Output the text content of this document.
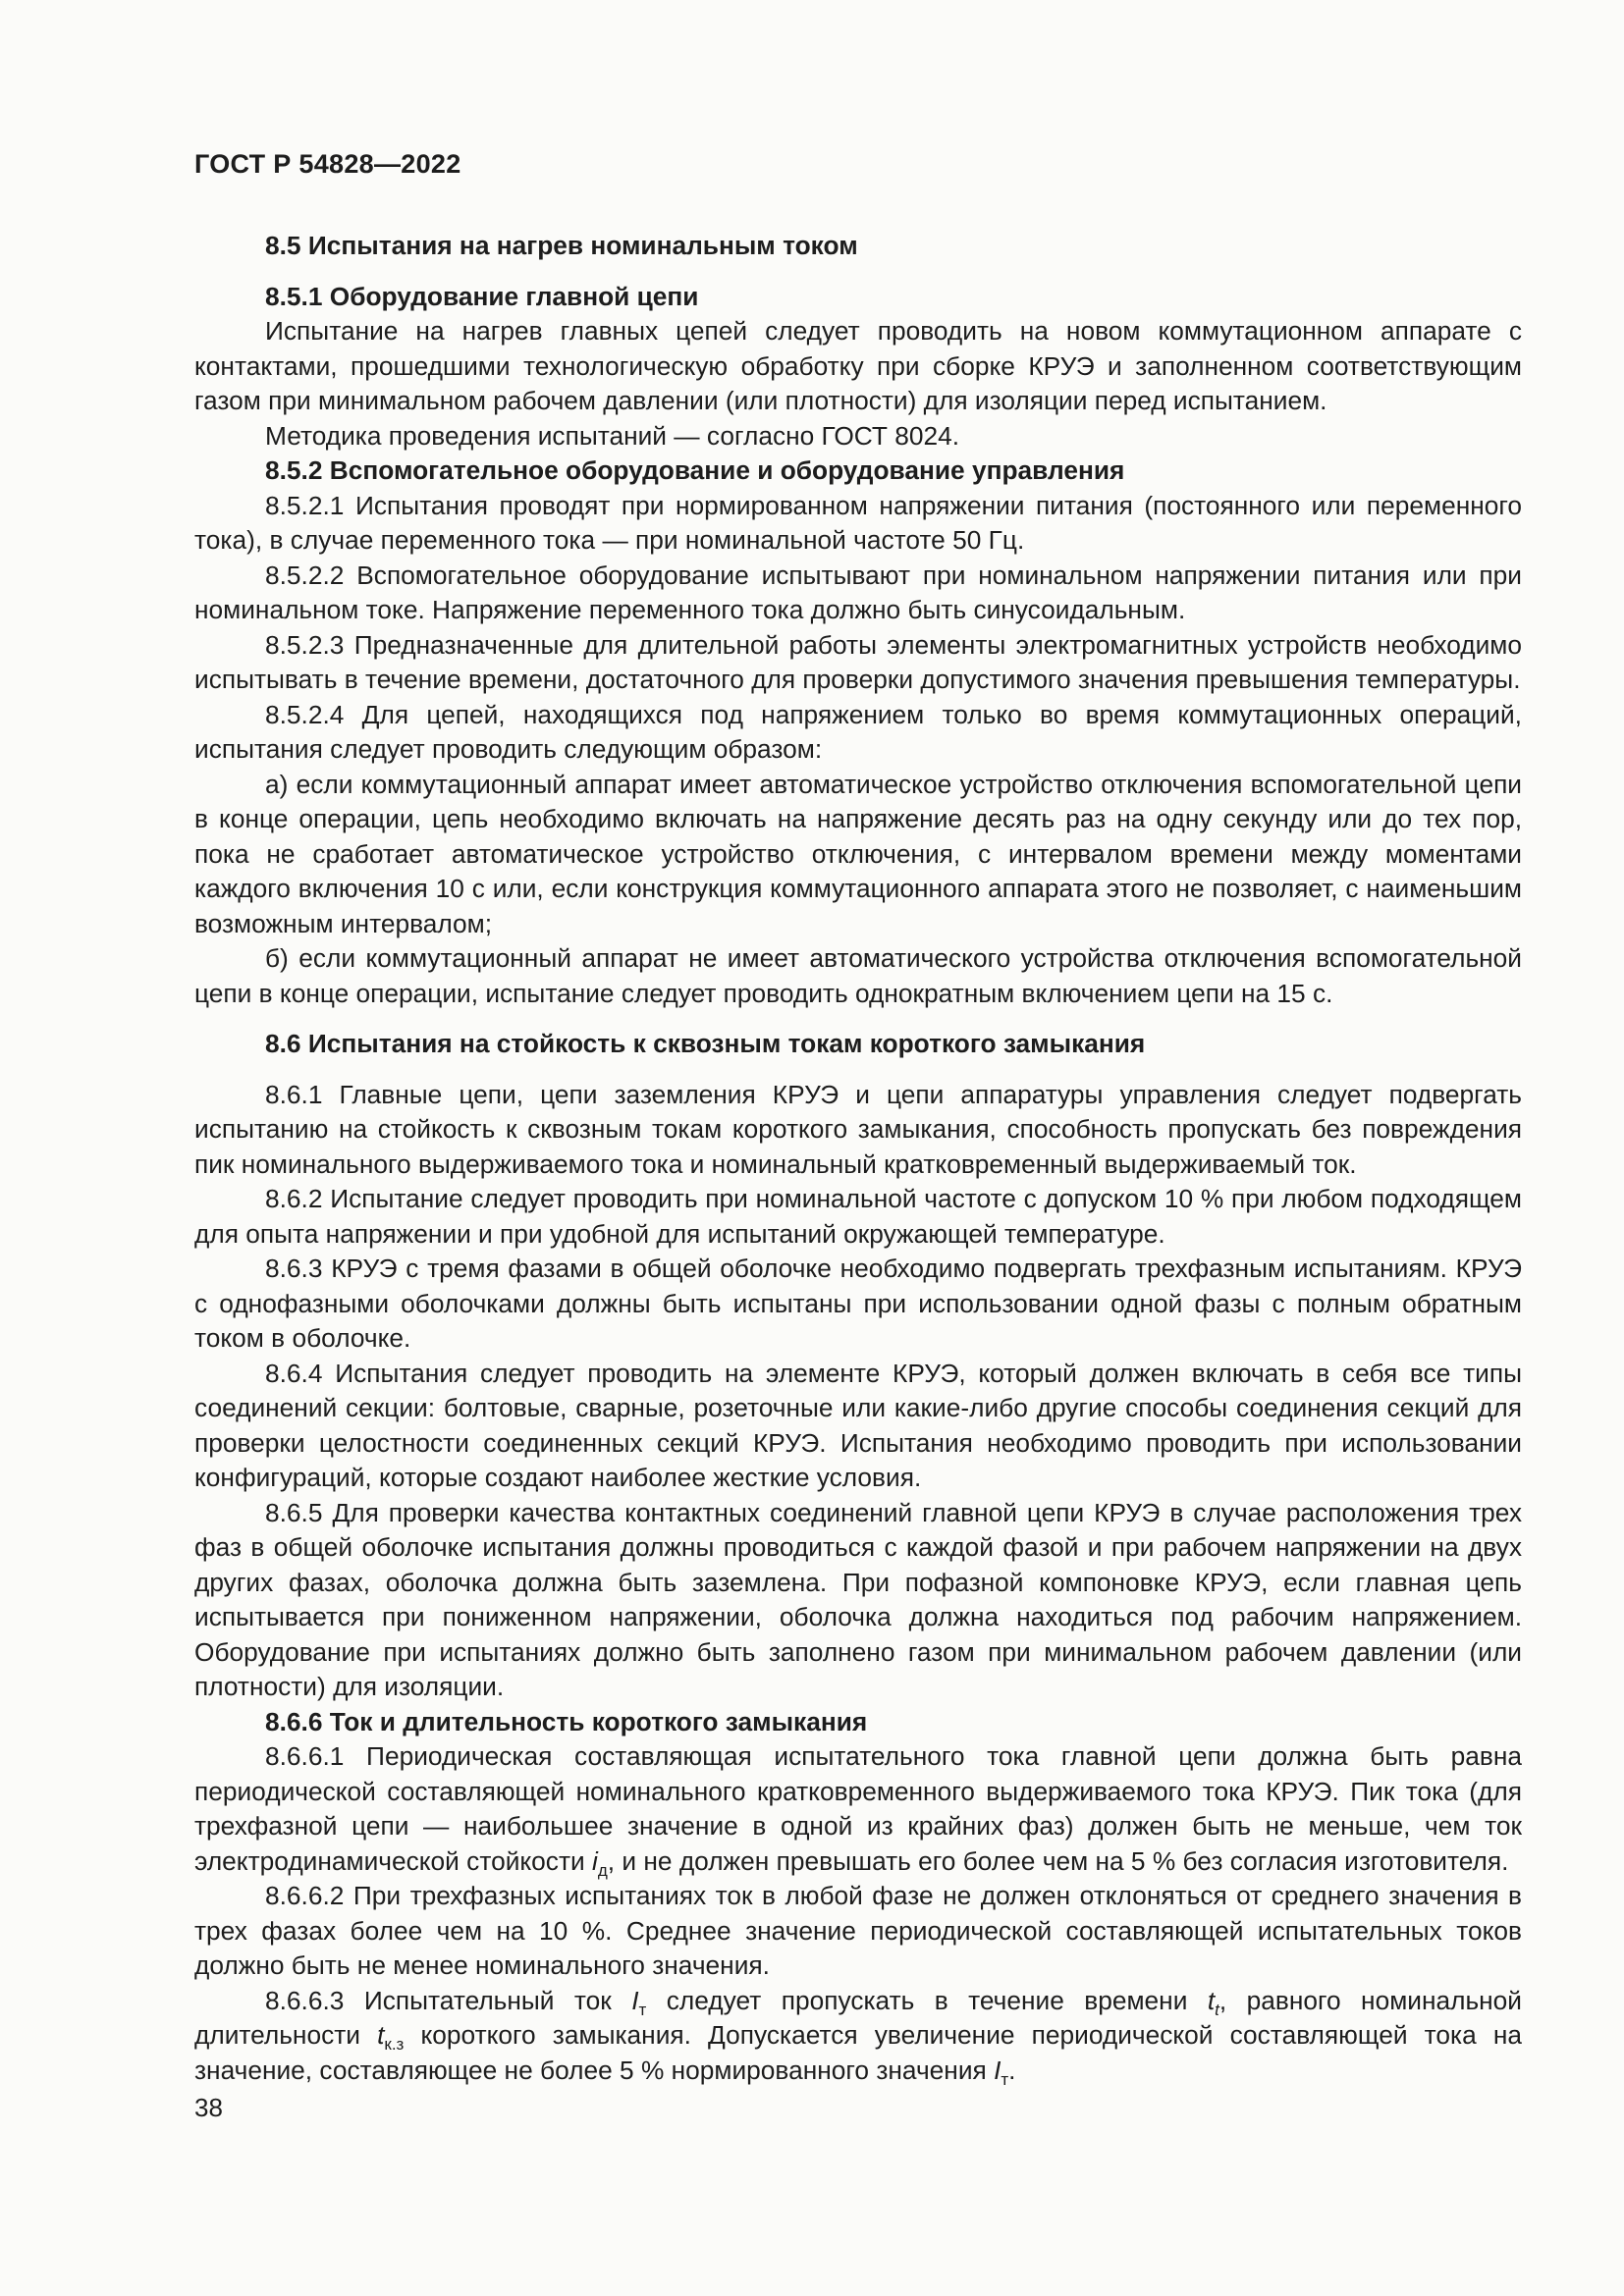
ГОСТ Р 54828—2022

8.5 Испытания на нагрев номинальным током

8.5.1 Оборудование главной цепи

Испытание на нагрев главных цепей следует проводить на новом коммутационном аппарате с контактами, прошедшими технологическую обработку при сборке КРУЭ и заполненном соответствующим газом при минимальном рабочем давлении (или плотности) для изоляции перед испытанием.

Методика проведения испытаний — согласно ГОСТ 8024.

8.5.2 Вспомогательное оборудование и оборудование управления

8.5.2.1 Испытания проводят при нормированном напряжении питания (постоянного или переменного тока), в случае переменного тока — при номинальной частоте 50 Гц.

8.5.2.2 Вспомогательное оборудование испытывают при номинальном напряжении питания или при номинальном токе. Напряжение переменного тока должно быть синусоидальным.

8.5.2.3 Предназначенные для длительной работы элементы электромагнитных устройств необходимо испытывать в течение времени, достаточного для проверки допустимого значения превышения температуры.

8.5.2.4 Для цепей, находящихся под напряжением только во время коммутационных операций, испытания следует проводить следующим образом:

а) если коммутационный аппарат имеет автоматическое устройство отключения вспомогательной цепи в конце операции, цепь необходимо включать на напряжение десять раз на одну секунду или до тех пор, пока не сработает автоматическое устройство отключения, с интервалом времени между моментами каждого включения 10 с или, если конструкция коммутационного аппарата этого не позволяет, с наименьшим возможным интервалом;

б) если коммутационный аппарат не имеет автоматического устройства отключения вспомогательной цепи в конце операции, испытание следует проводить однократным включением цепи на 15 с.

8.6 Испытания на стойкость к сквозным токам короткого замыкания

8.6.1 Главные цепи, цепи заземления КРУЭ и цепи аппаратуры управления следует подвергать испытанию на стойкость к сквозным токам короткого замыкания, способность пропускать без повреждения пик номинального выдерживаемого тока и номинальный кратковременный выдерживаемый ток.

8.6.2 Испытание следует проводить при номинальной частоте с допуском 10 % при любом подходящем для опыта напряжении и при удобной для испытаний окружающей температуре.

8.6.3 КРУЭ с тремя фазами в общей оболочке необходимо подвергать трехфазным испытаниям. КРУЭ с однофазными оболочками должны быть испытаны при использовании одной фазы с полным обратным током в оболочке.

8.6.4 Испытания следует проводить на элементе КРУЭ, который должен включать в себя все типы соединений секции: болтовые, сварные, розеточные или какие-либо другие способы соединения секций для проверки целостности соединенных секций КРУЭ. Испытания необходимо проводить при использовании конфигураций, которые создают наиболее жесткие условия.

8.6.5 Для проверки качества контактных соединений главной цепи КРУЭ в случае расположения трех фаз в общей оболочке испытания должны проводиться с каждой фазой и при рабочем напряжении на двух других фазах, оболочка должна быть заземлена. При пофазной компоновке КРУЭ, если главная цепь испытывается при пониженном напряжении, оболочка должна находиться под рабочим напряжением. Оборудование при испытаниях должно быть заполнено газом при минимальном рабочем давлении (или плотности) для изоляции.

8.6.6 Ток и длительность короткого замыкания

8.6.6.1 Периодическая составляющая испытательного тока главной цепи должна быть равна периодической составляющей номинального кратковременного выдерживаемого тока КРУЭ. Пик тока (для трехфазной цепи — наибольшее значение в одной из крайних фаз) должен быть не меньше, чем ток электродинамической стойкости $i_д$, и не должен превышать его более чем на 5 % без согласия изготовителя.

8.6.6.2 При трехфазных испытаниях ток в любой фазе не должен отклоняться от среднего значения в трех фазах более чем на 10 %. Среднее значение периодической составляющей испытательных токов должно быть не менее номинального значения.

8.6.6.3 Испытательный ток $I_т$ следует пропускать в течение времени $t_t$, равного номинальной длительности $t_{к.з}$ короткого замыкания. Допускается увеличение периодической составляющей тока на значение, составляющее не более 5 % нормированного значения $I_т$.

38
